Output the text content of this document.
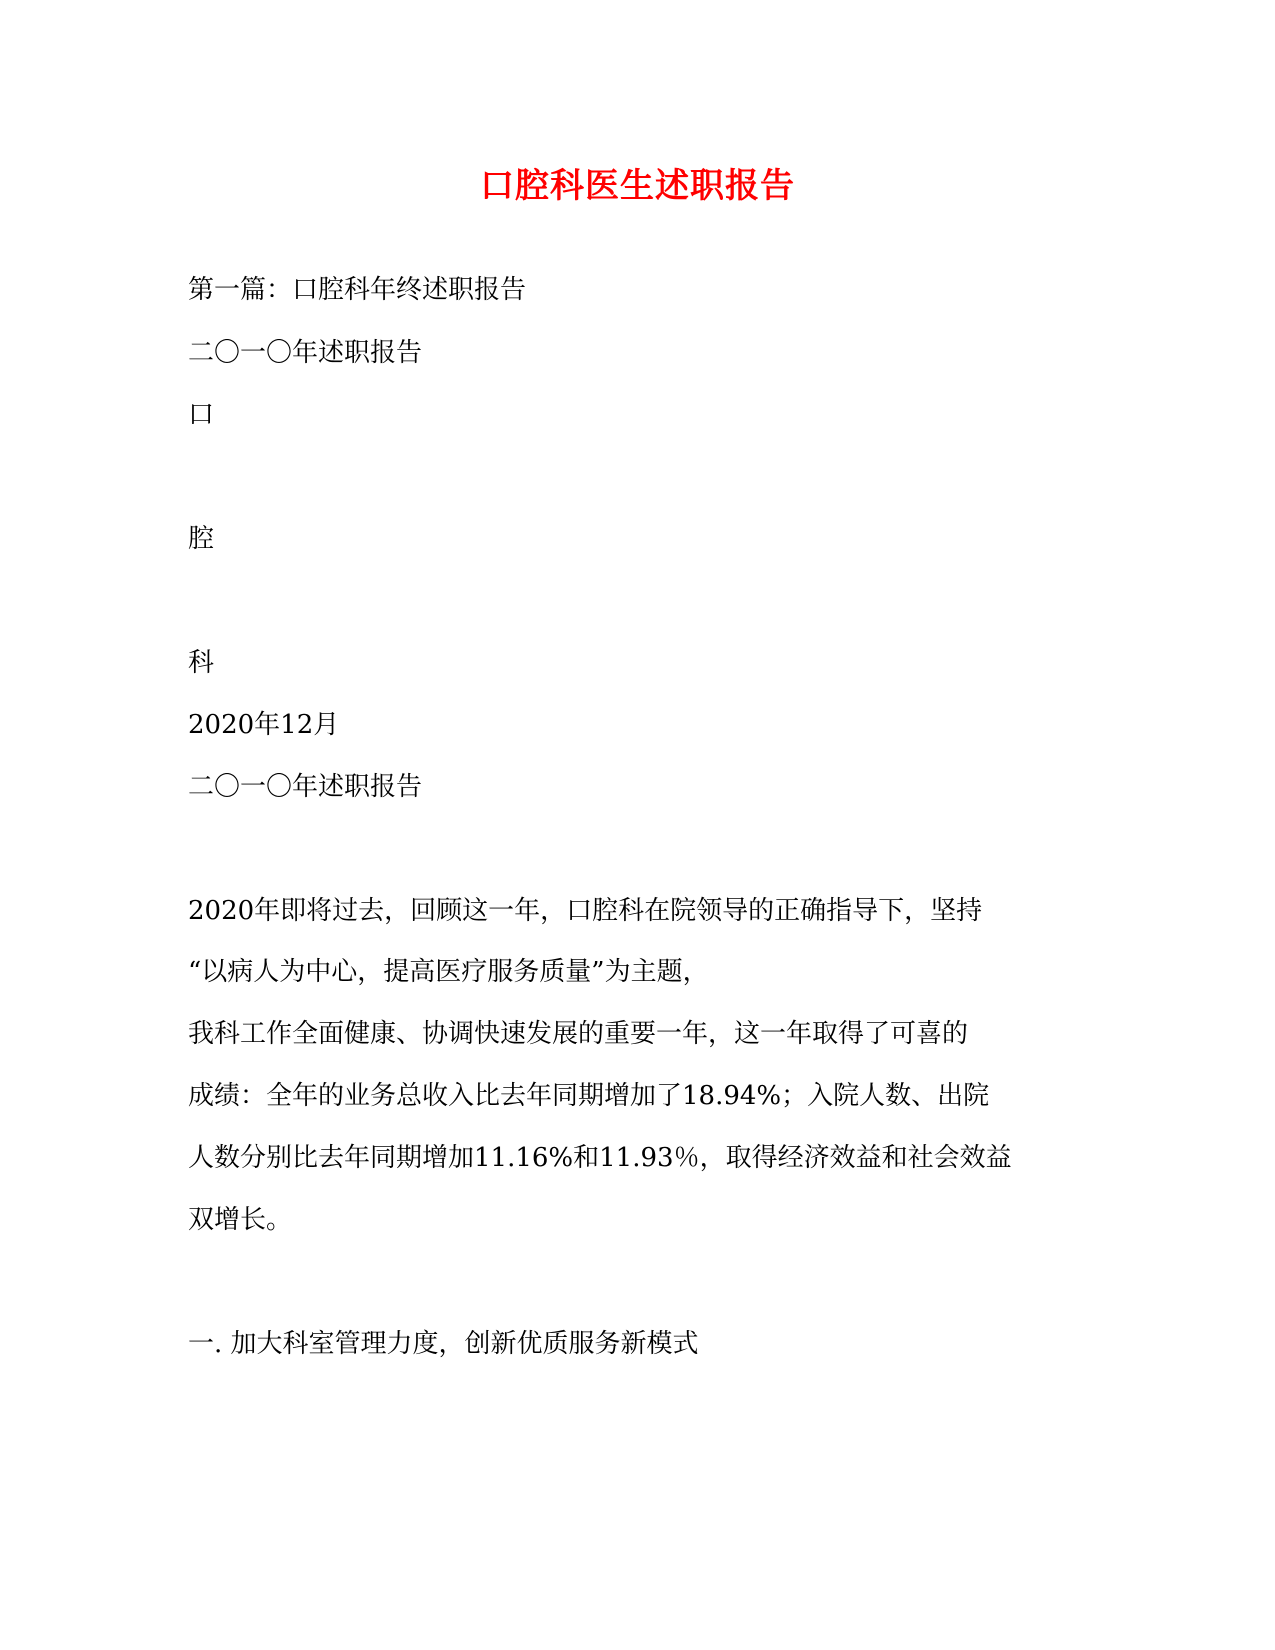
口腔科医生述职报告
第一篇：口腔科年终述职报告
二〇一〇年述职报告
口
腔
科
2020年12月
二〇一〇年述职报告
2020年即将过去，回顾这一年，口腔科在院领导的正确指导下，坚持
“以病人为中心，提高医疗服务质量”为主题，
我科工作全面健康、协调快速发展的重要一年，这一年取得了可喜的
成绩：全年的业务总收入比去年同期增加了18.94%；入院人数、出院
人数分别比去年同期增加11.16%和11.93％，取得经济效益和社会效益
双增长。
一. 加大科室管理力度，创新优质服务新模式
